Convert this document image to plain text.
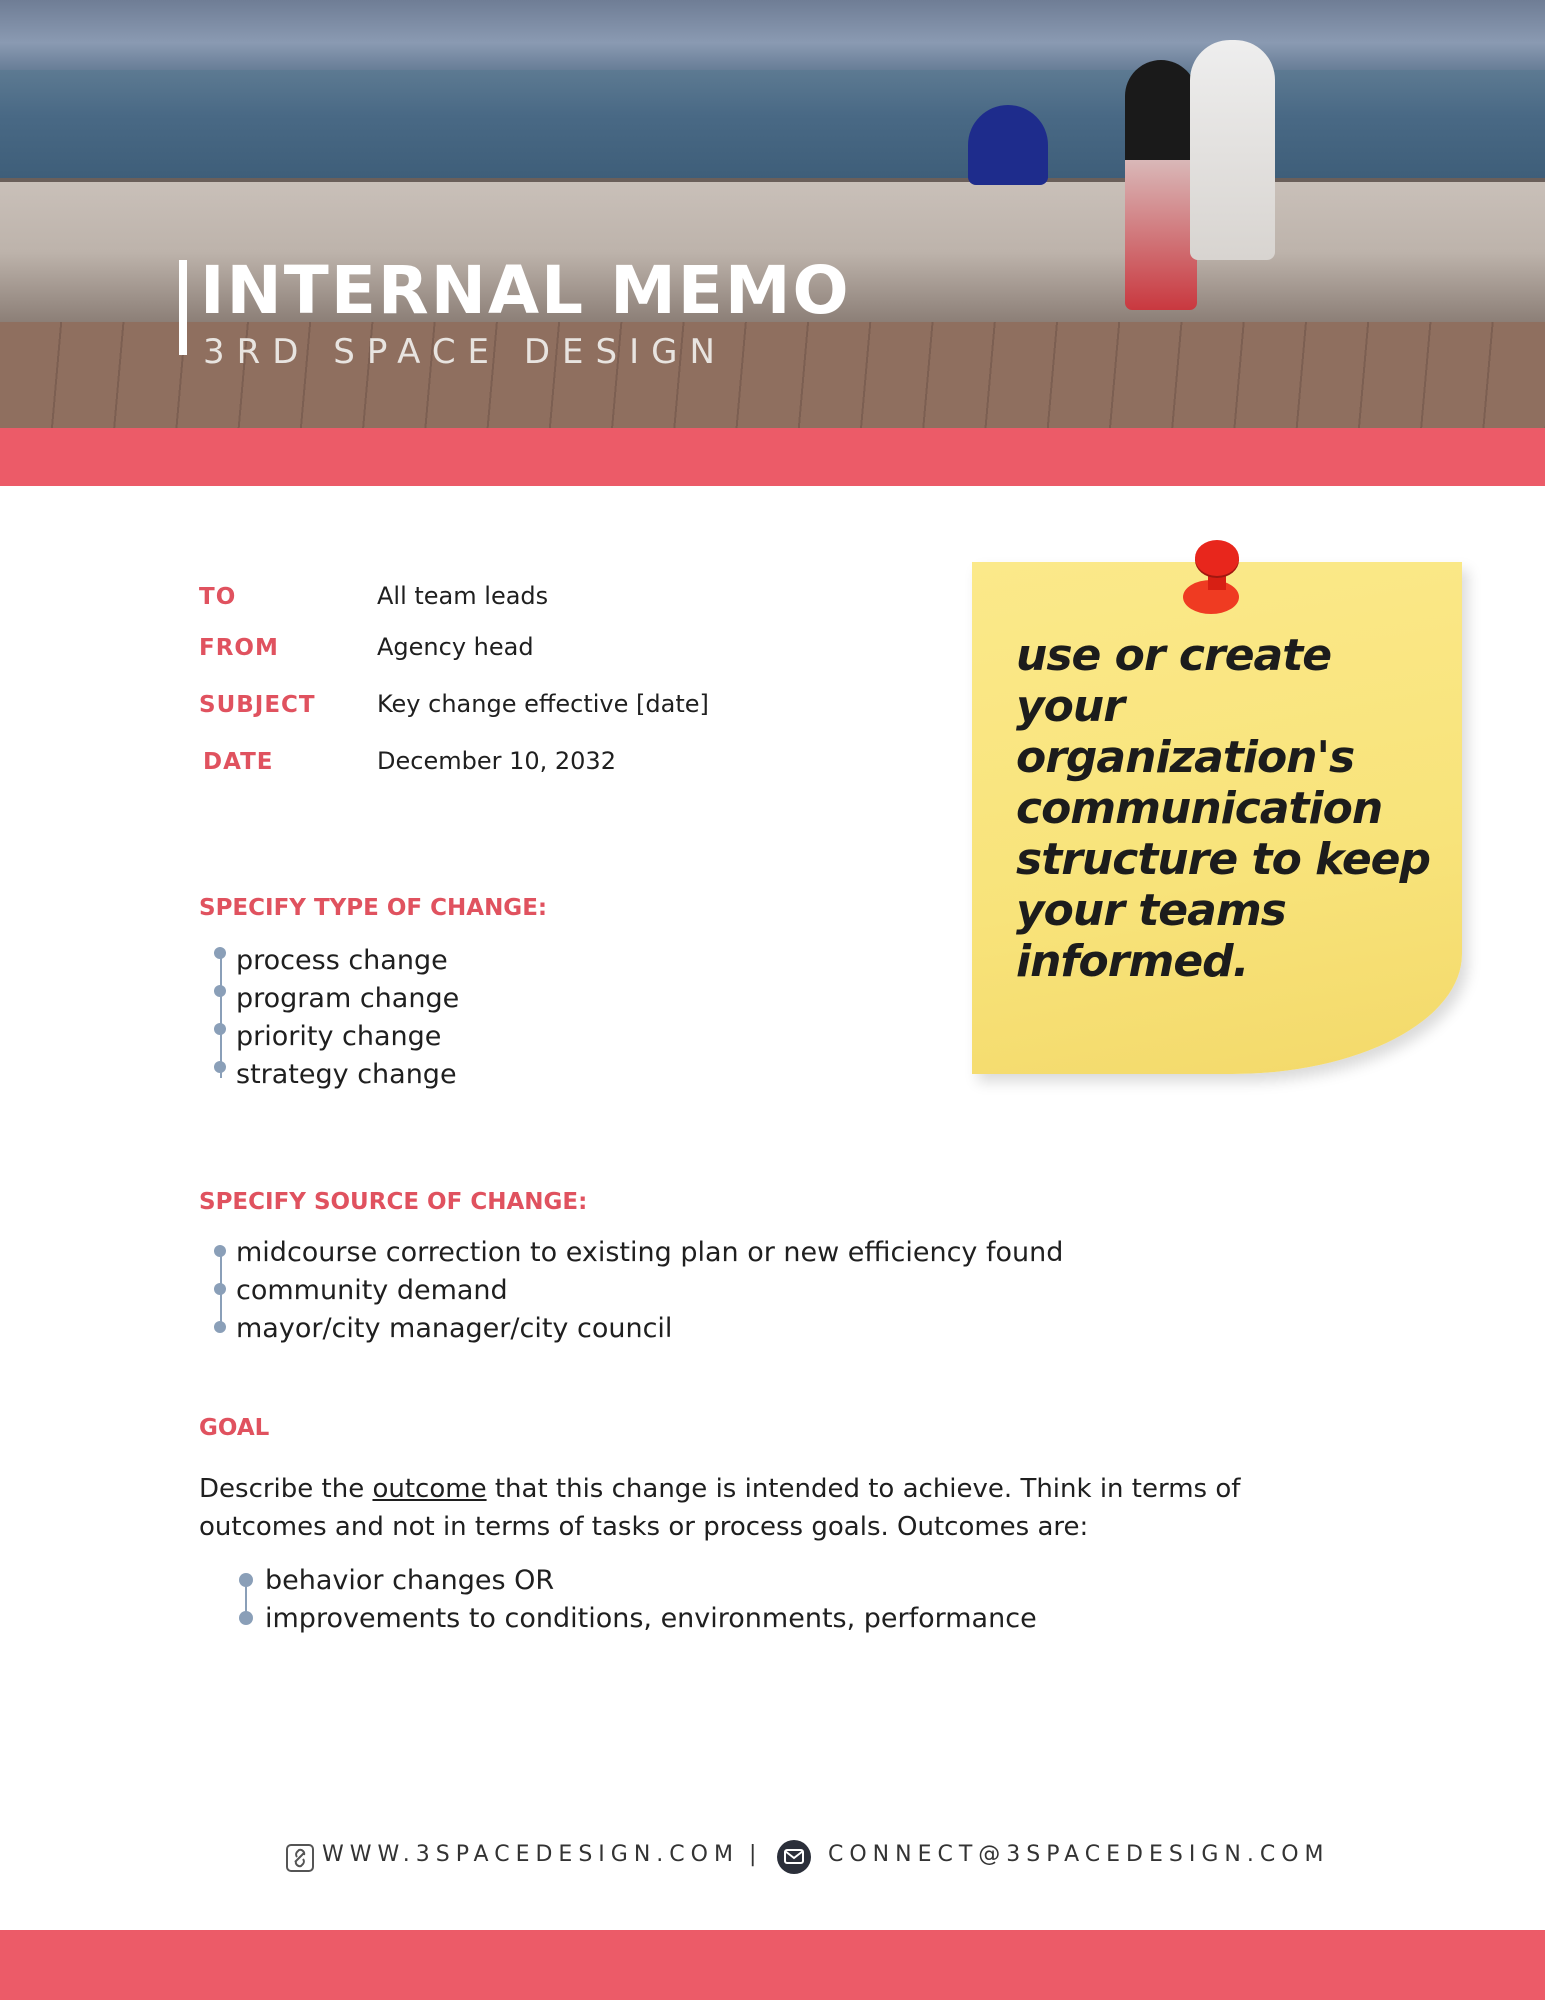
INTERNAL MEMO
3RD SPACE DESIGN
TO	All team leads
FROM	Agency head
SUBJECT	Key change effective [date]
DATE	December 10, 2032
SPECIFY TYPE OF CHANGE:
process change
program change
priority change
strategy change
SPECIFY SOURCE OF CHANGE:
midcourse correction to existing plan or new efficiency found
community demand
mayor/city manager/city council
GOAL

Describe the outcome that this change is intended to achieve. Think in terms of outcomes and not in terms of tasks or process goals. Outcomes are:

behavior changes OR
improvements to conditions, environments, performance

use or create your organization's communication structure to keep your teams informed.

WWW.3SPACEDESIGN.COM |	CONNECT@3SPACEDESIGN.COM
